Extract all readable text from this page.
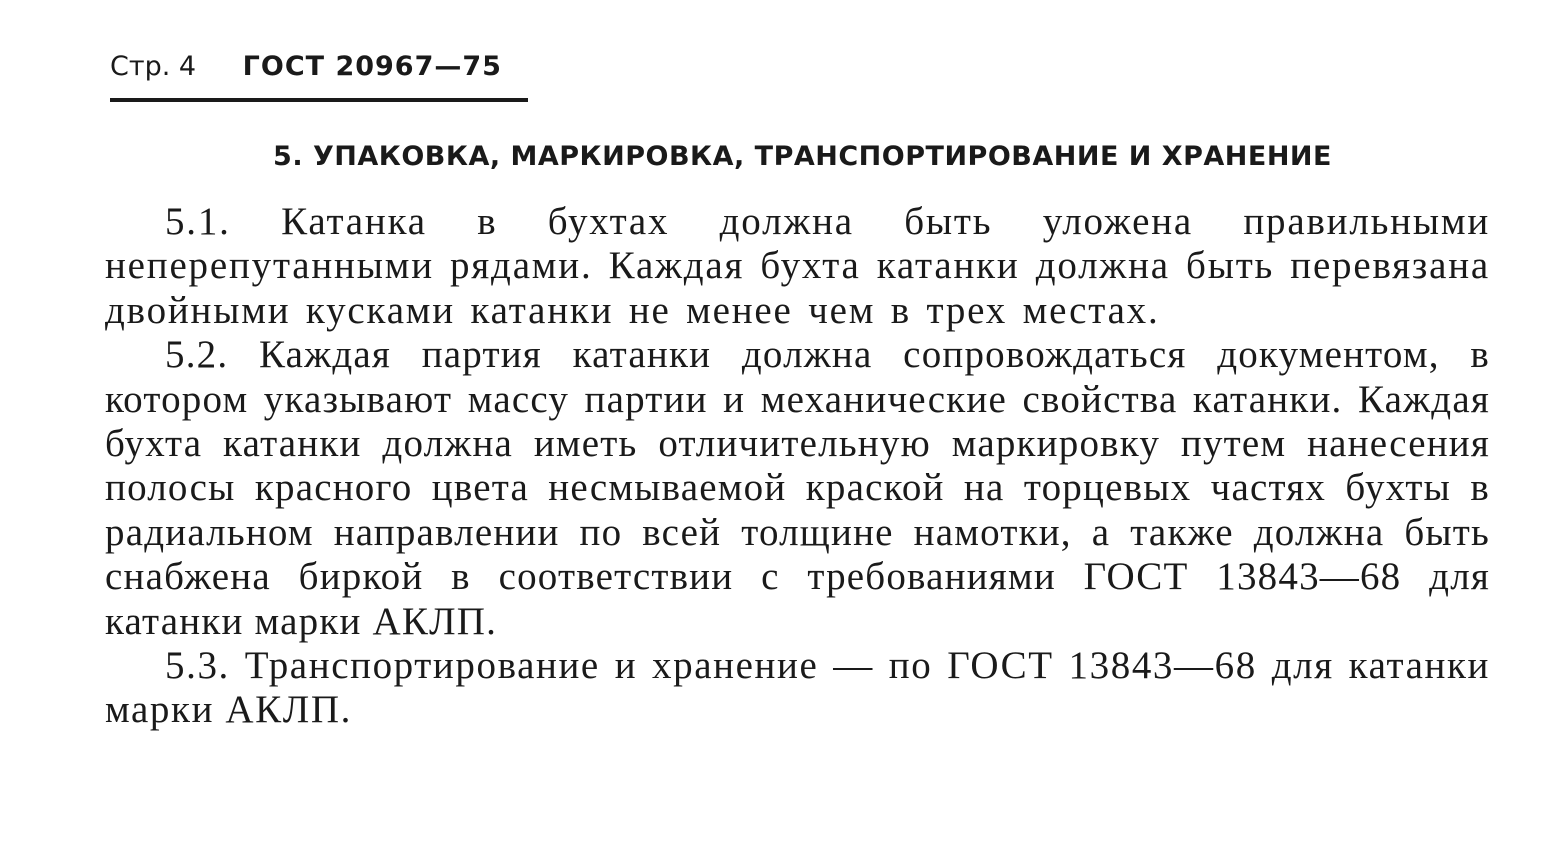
Стр. 4 ГОСТ 20967—75
5. УПАКОВКА, МАРКИРОВКА, ТРАНСПОРТИРОВАНИЕ И ХРАНЕНИЕ

5.1. Катанка в бухтах должна быть уложена правильными неперепутанными рядами. Каждая бухта катанки должна быть перевязана двойными кусками катанки не менее чем в трех местах.

5.2. Каждая партия катанки должна сопровождаться документом, в котором указывают массу партии и механические свойства катанки. Каждая бухта катанки должна иметь отличительную маркировку путем нанесения полосы красного цвета несмываемой краской на торцевых частях бухты в радиальном направлении по всей толщине намотки, а также должна быть снабжена биркой в соответствии с требованиями ГОСТ 13843—68 для катанки марки АКЛП.

5.3. Транспортирование и хранение — по ГОСТ 13843—68 для катанки марки АКЛП.
